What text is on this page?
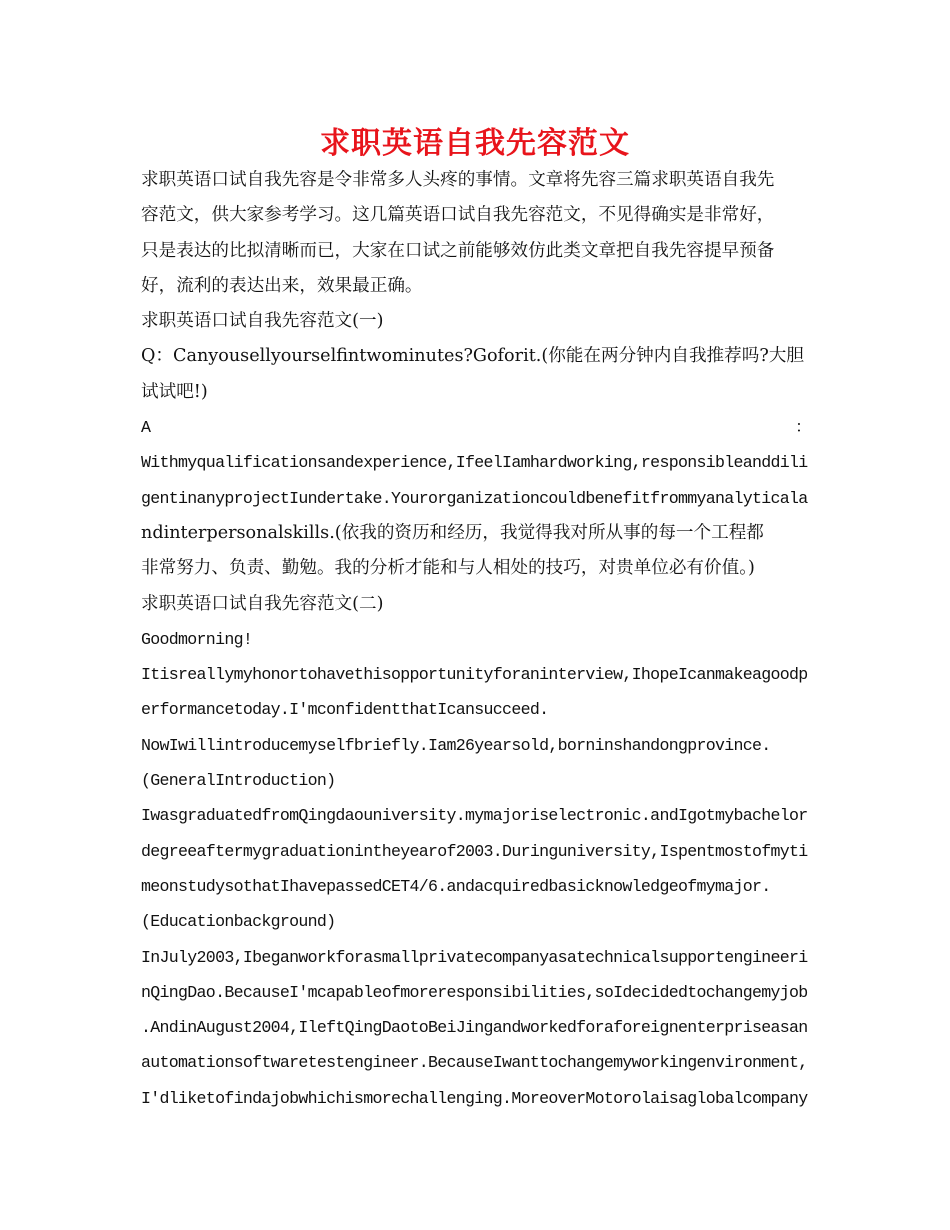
求职英语自我先容范文
求职英语口试自我先容是令非常多人头疼的事情。文章将先容三篇求职英语自我先
容范文，供大家参考学习。这几篇英语口试自我先容范文，不见得确实是非常好，
只是表达的比拟清晰而已，大家在口试之前能够效仿此类文章把自我先容提早预备
好，流利的表达出来，效果最正确。
求职英语口试自我先容范文(一)
Q：Canyousellyourselfintwominutes?Goforit.(你能在两分钟内自我推荐吗?大胆
试试吧!)
A	：
Withmyqualificationsandexperience,IfeelIamhardworking,responsibleanddili
gentinanyprojectIundertake.Yourorganizationcouldbenefitfrommyanalyticala
ndinterpersonalskills.(依我的资历和经历，我觉得我对所从事的每一个工程都
非常努力、负责、勤勉。我的分析才能和与人相处的技巧，对贵单位必有价值。)
求职英语口试自我先容范文(二)
Goodmorning!
Itisreallymyhonortohavethisopportunityforaninterview,IhopeIcanmakeagoodp
erformancetoday.I'mconfidentthatIcansucceed.
NowIwillintroducemyselfbriefly.Iam26yearsold,borninshandongprovince.
(GeneralIntroduction)
IwasgraduatedfromQingdaouniversity.mymajoriselectronic.andIgotmybachelor
degreeaftermygraduationintheyearof2003.Duringuniversity,Ispentmostofmyti
meonstudysothatIhavepassedCET4/6.andacquiredbasicknowledgeofmymajor.
(Educationbackground)
InJuly2003,Ibeganworkforasmallprivatecompanyasatechnicalsupportengineeri
nQingDao.BecauseI'mcapableofmoreresponsibilities,soIdecidedtochangemyjob
.AndinAugust2004,IleftQingDaotoBeiJingandworkedforaforeignenterpriseasan
automationsoftwaretestengineer.BecauseIwanttochangemyworkingenvironment,
I'dliketofindajobwhichismorechallenging.MoreoverMotorolaisaglobalcompany
